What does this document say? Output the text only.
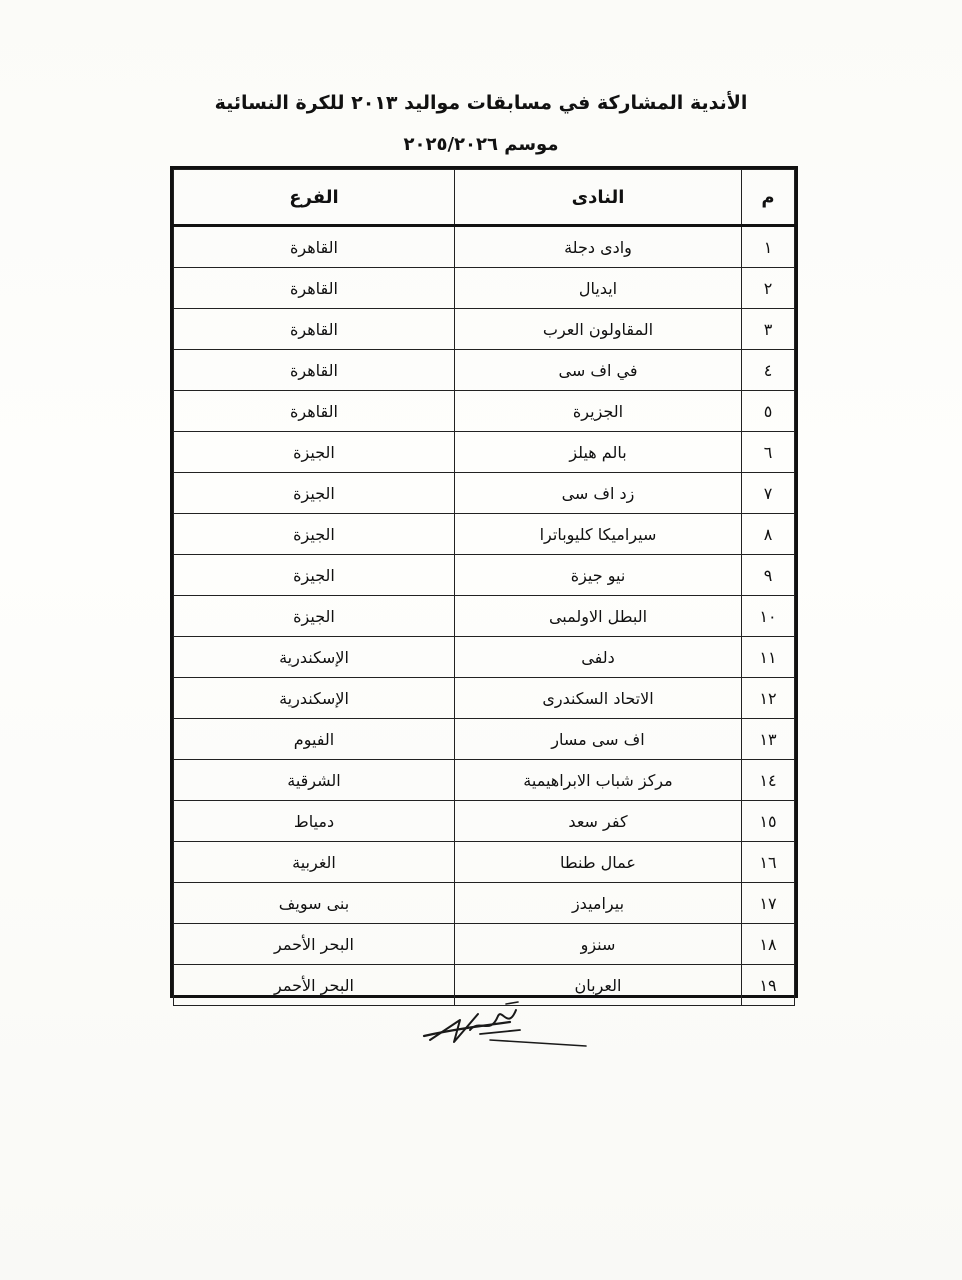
الأندية المشاركة في مسابقات مواليد ٢٠١٣ للكرة النسائية
موسم ٢٠٢٥/٢٠٢٦
م	النادى	الفرع
١	وادى دجلة	القاهرة
٢	ايديال	القاهرة
٣	المقاولون العرب	القاهرة
٤	في اف سى	القاهرة
٥	الجزيرة	القاهرة
٦	بالم هيلز	الجيزة
٧	زد اف سى	الجيزة
٨	سيراميكا كليوباترا	الجيزة
٩	نيو جيزة	الجيزة
١٠	البطل الاولمبى	الجيزة
١١	دلفى	الإسكندرية
١٢	الاتحاد السكندرى	الإسكندرية
١٣	اف سى مسار	الفيوم
١٤	مركز شباب الابراهيمية	الشرقية
١٥	كفر سعد	دمياط
١٦	عمال طنطا	الغربية
١٧	بيراميدز	بنى سويف
١٨	سنزو	البحر الأحمر
١٩	العربان	البحر الأحمر
